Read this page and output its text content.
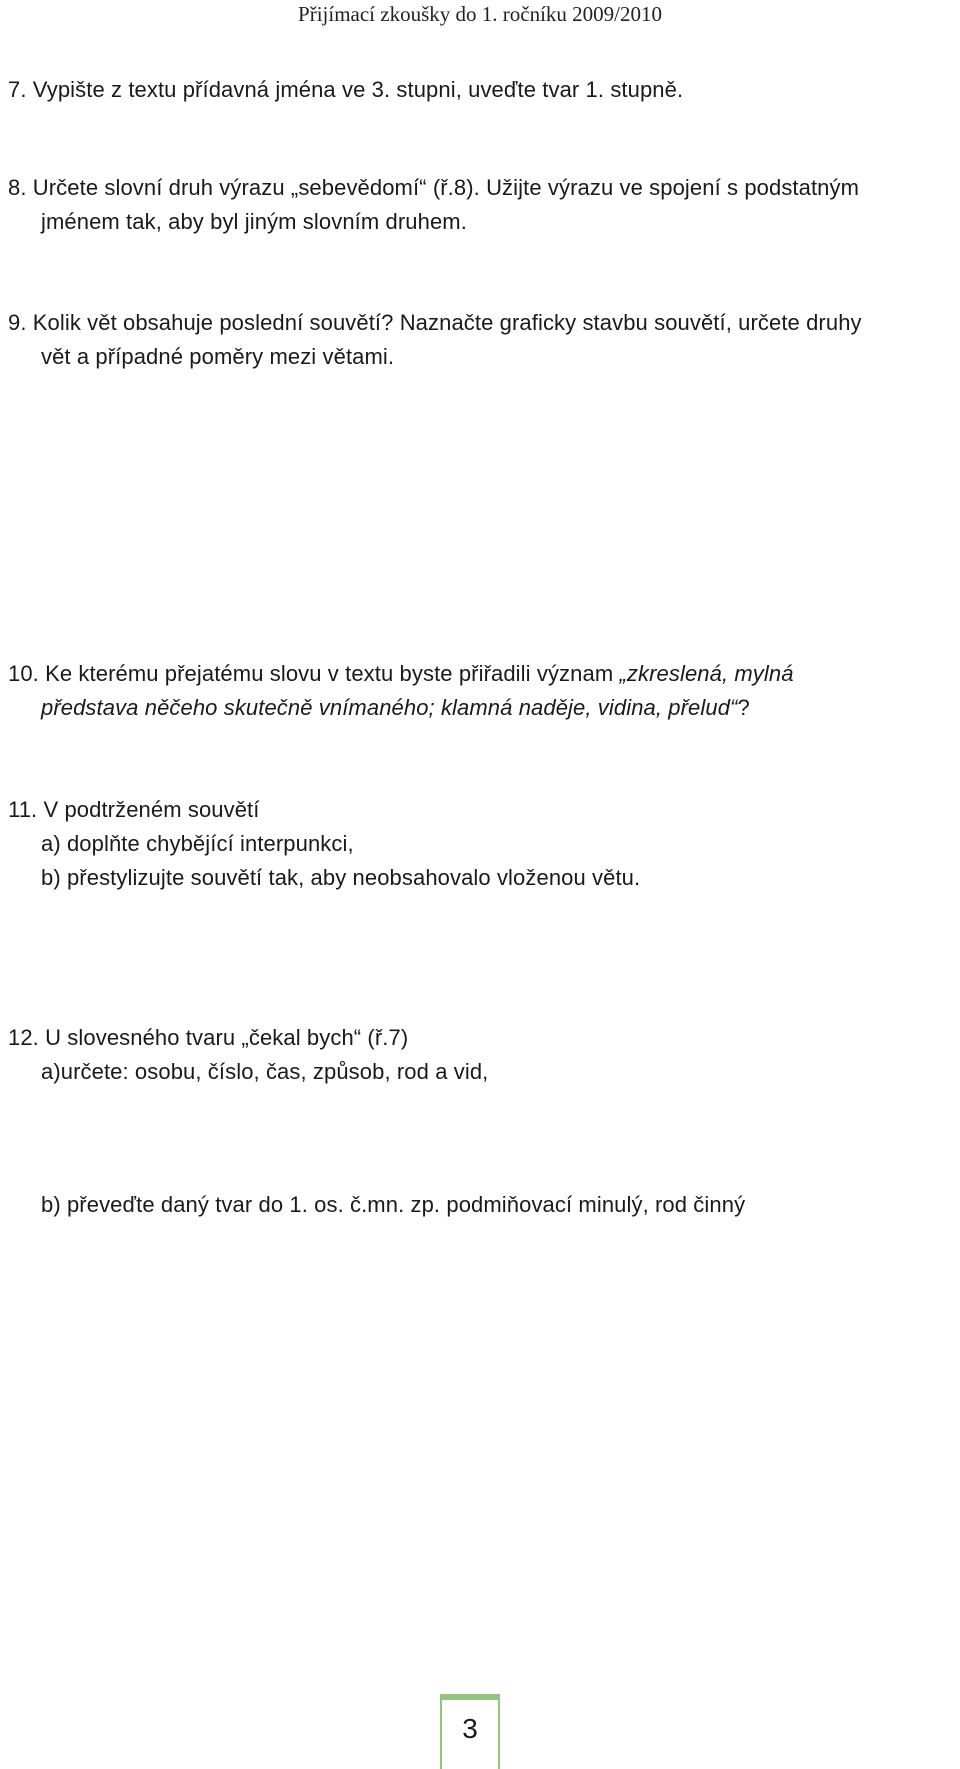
Přijímací zkoušky do 1. ročníku 2009/2010
7. Vypište z textu přídavná jména ve 3. stupni, uveďte tvar 1. stupně.
8. Určete slovní druh výrazu „sebevědomí“ (ř.8). Užijte výrazu ve spojení s podstatným
jménem tak, aby byl jiným slovním druhem.
9. Kolik vět obsahuje poslední souvětí? Naznačte graficky stavbu souvětí, určete druhy
vět a případné poměry mezi větami.
10. Ke kterému přejatému slovu v textu byste přiřadili význam „zkreslená, mylná
představa něčeho skutečně vnímaného; klamná naděje, vidina, přelud“?
11. V podtrženém souvětí
a) doplňte chybějící interpunkci,
b) přestylizujte souvětí tak, aby neobsahovalo vloženou větu.
12. U slovesného tvaru „čekal bych“ (ř.7)
a)určete: osobu, číslo, čas, způsob, rod a vid,
b) převeďte daný tvar do 1. os. č.mn. zp. podmiňovací minulý, rod činný
3
